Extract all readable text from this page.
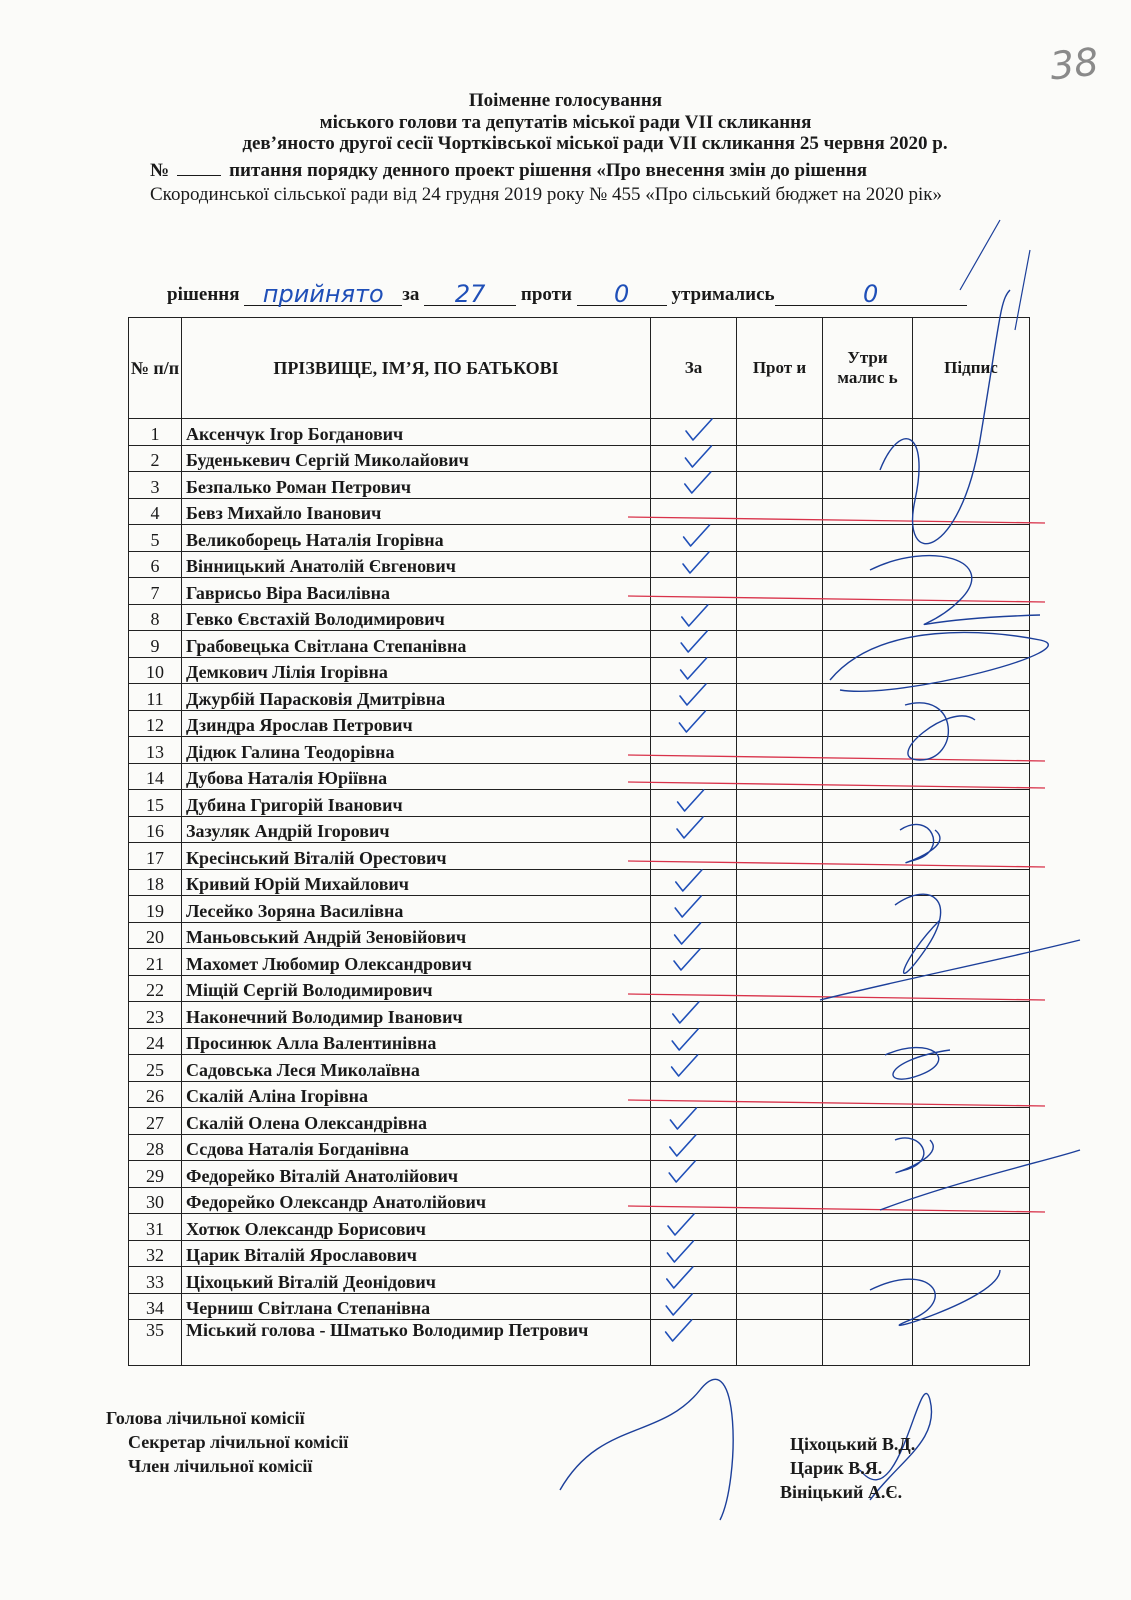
38
Поіменне голосування
міського голови та депутатів міської ради VII скликання
дев’яносто другої сесії Чортківської міської ради VII скликання 25 червня 2020 р.
№	питання порядку денного проект рішення «Про внесення змін до рішення
Скородинської сільської ради від 24 грудня 2019 року № 455 «Про сільський бюджет на 2020 рік»
рішення прийнято за 27 проти 0 утримались	0
№ п/п	ПРІЗВИЩЕ, ІМ’Я, ПО БАТЬКОВІ	За	Прот и	Утри малис ь	Підпис
1	Аксенчук Ігор Богданович				
2	Буденькевич Сергій Миколайович				
3	Безпалько Роман Петрович				
4	Бевз Михайло Іванович				
5	Великоборець Наталія Ігорівна				
6	Вінницький Анатолій Євгенович				
7	Гаврисьо Віра Василівна				
8	Гевко Євстахій Володимирович				
9	Грабовецька Світлана Степанівна				
10	Демкович Лілія Ігорівна				
11	Джурбій Парасковія Дмитрівна				
12	Дзиндра Ярослав Петрович				
13	Дідюк Галина Теодорівна				
14	Дубова Наталія Юріївна				
15	Дубина Григорій Іванович				
16	Зазуляк Андрій Ігорович				
17	Кресінський Віталій Орестович				
18	Кривий Юрій Михайлович				
19	Лесейко Зоряна Василівна				
20	Маньовський Андрій Зеновійович				
21	Махомет Любомир Олександрович				
22	Міщій Сергій Володимирович				
23	Наконечний Володимир Іванович				
24	Просинюк Алла Валентинівна				
25	Садовська Леся Миколаївна				
26	Скалій Аліна Ігорівна				
27	Скалій Олена Олександрівна				
28	Ссдова Наталія Богданівна				
29	Федорейко Віталій Анатолійович				
30	Федорейко Олександр Анатолійович				
31	Хотюк Олександр Борисович				
32	Царик Віталій Ярославович				
33	Ціхоцький Віталій Деонідович				
34	Черниш Світлана Степанівна				
35	Міський голова - Шматько Володимир Петрович				
Голова лічильної комісії
Секретар лічильної комісії
Член лічильної комісії
Ціхоцький В.Д.
Царик В.Я.
Вініцький А.Є.
